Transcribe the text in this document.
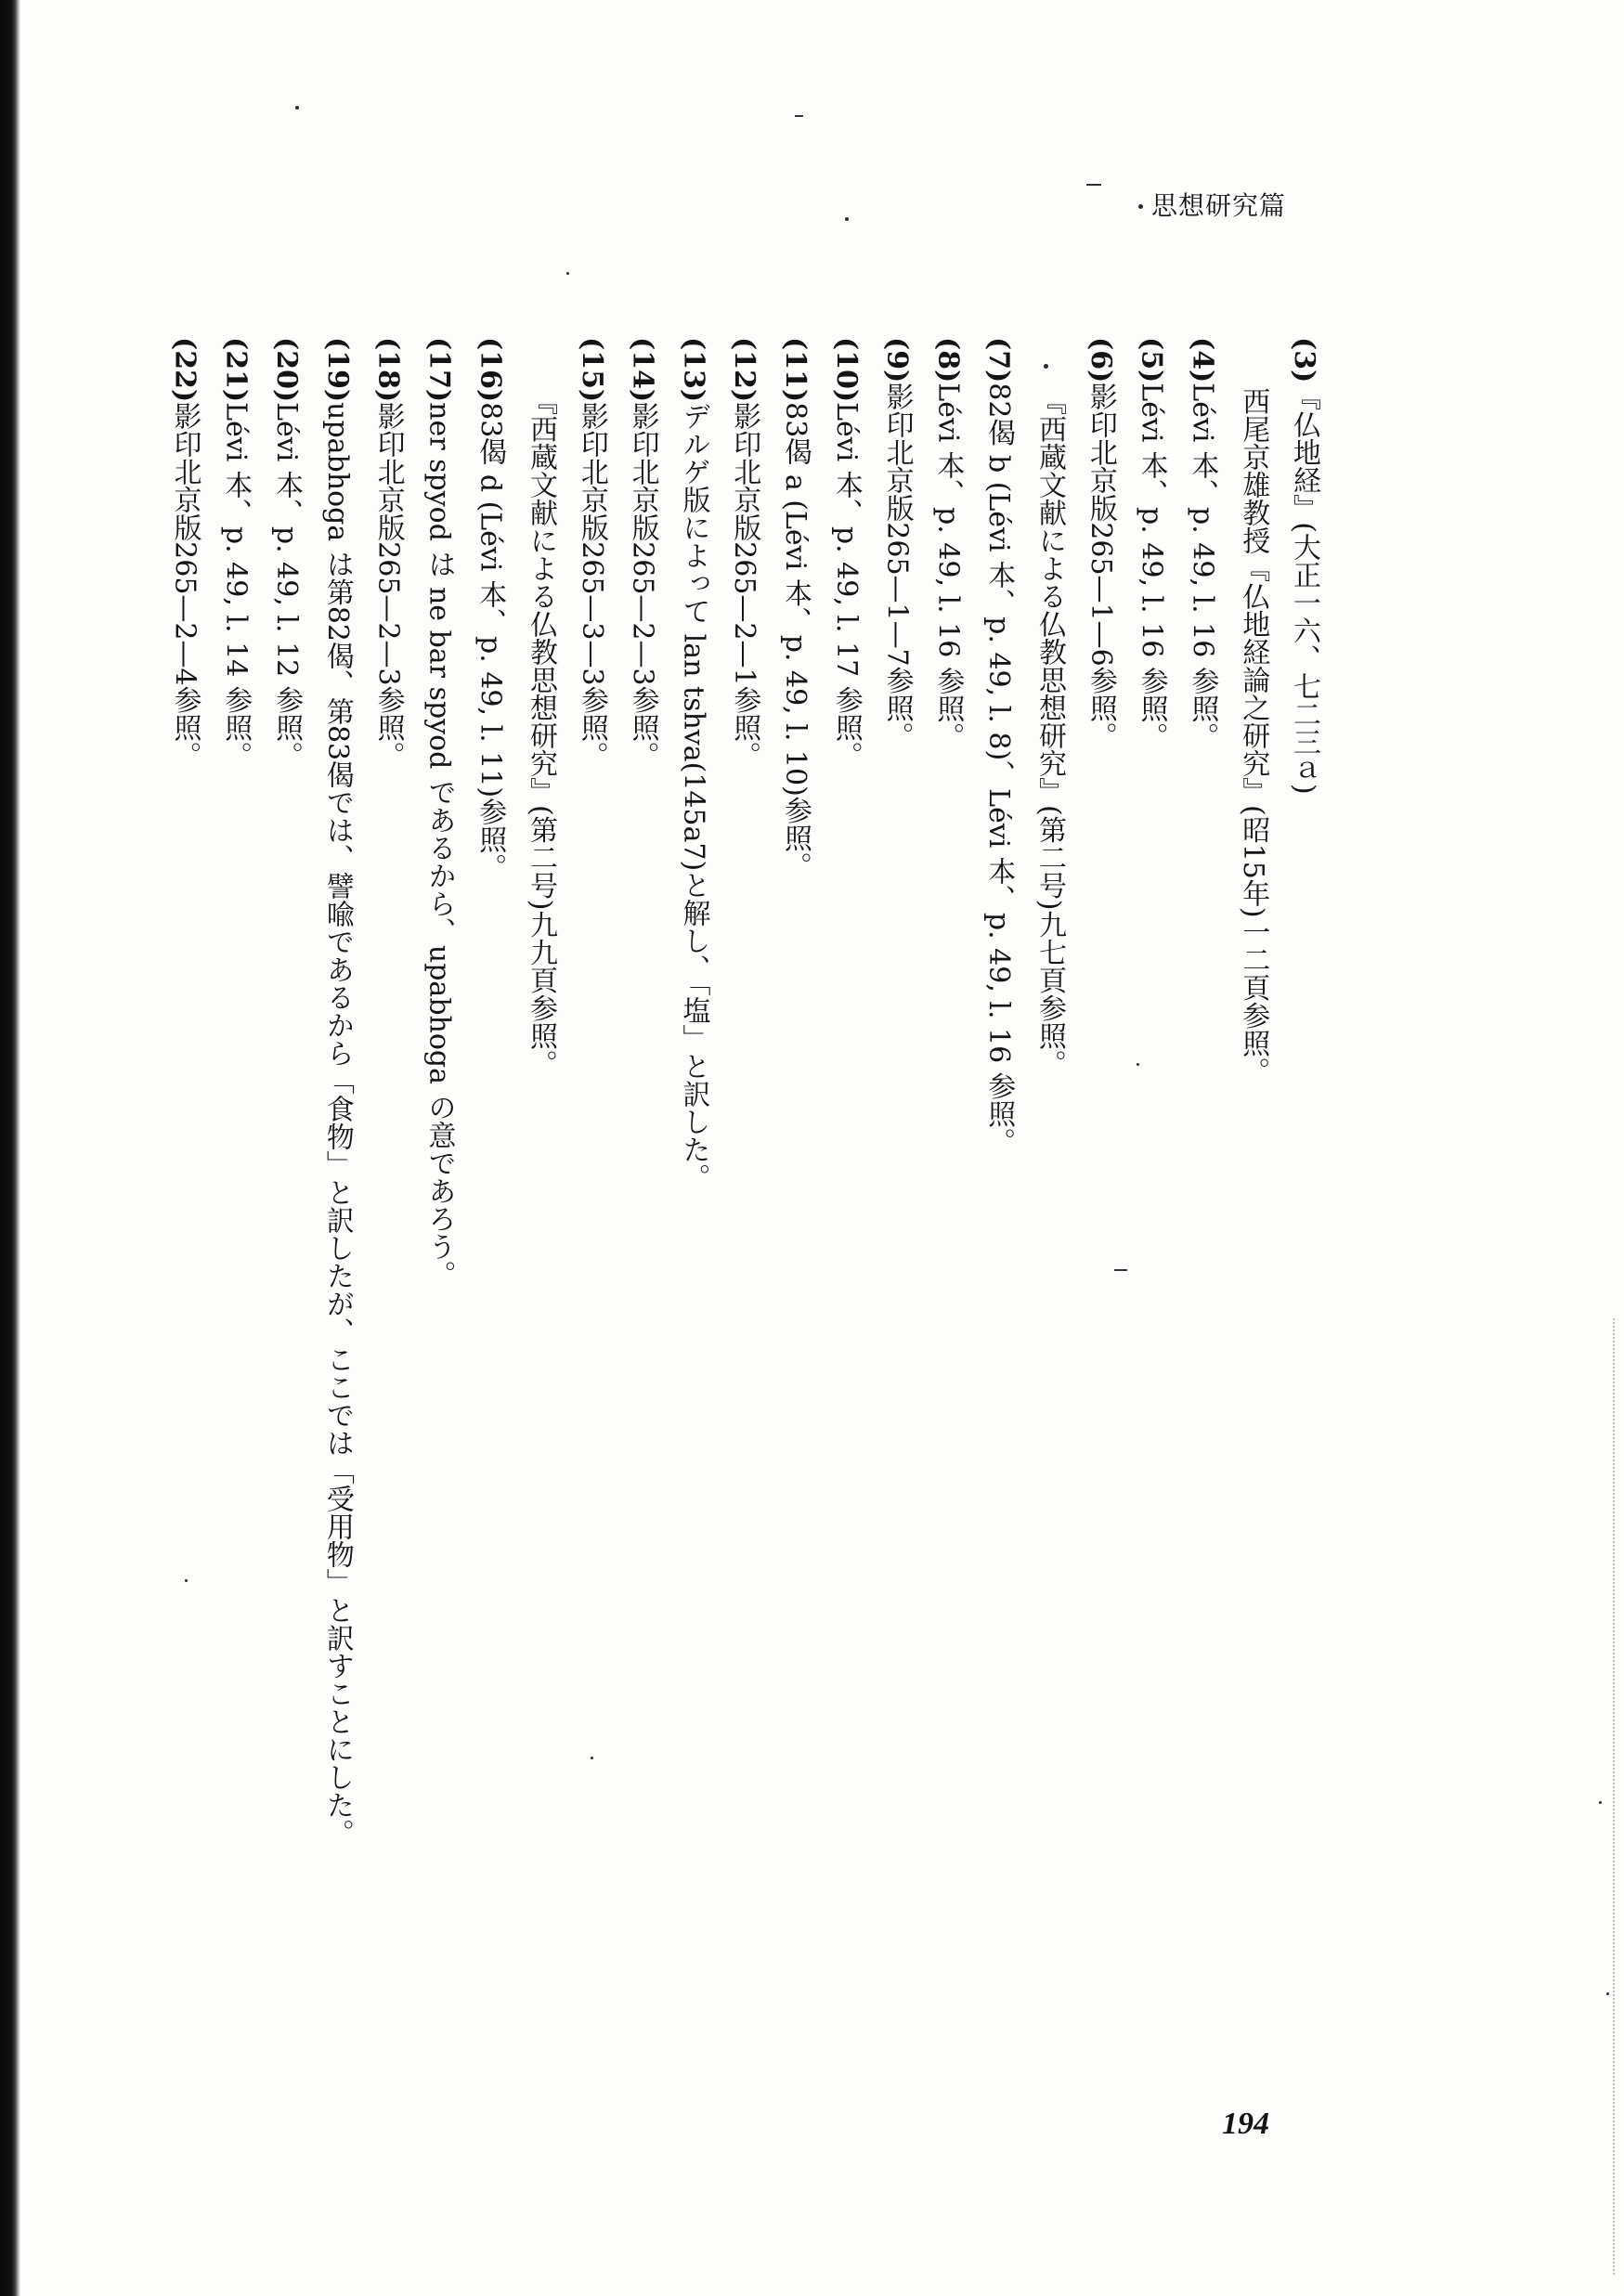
思想研究篇
(3)『仏地経』(大正一六、七二三ａ)
西尾京雄教授『仏地経論之研究』(昭15年)一二頁参照。
(4)Lévi 本、p. 49, l. 16 参照。
(5)Lévi 本、p. 49, l. 16 参照。
(6)影印北京版265—1—6参照。
『西蔵文献による仏教思想研究』(第二号)九七頁参照。
(7)82偈 b (Lévi 本、p. 49, l. 8)、Lévi 本、p. 49, l. 16 参照。
(8)Lévi 本、p. 49, l. 16 参照。
(9)影印北京版265—1—7参照。
(10)Lévi 本、p. 49, l. 17 参照。
(11)83偈 a (Lévi 本、p. 49, l. 10)参照。
(12)影印北京版265—2—1参照。
(13)デルゲ版によって lan tshva(145a7)と解し、「塩」と訳した。
(14)影印北京版265—2—3参照。
(15)影印北京版265—3—3参照。
『西蔵文献による仏教思想研究』(第二号)九九頁参照。
(16)83偈 d (Lévi 本、p. 49, l. 11)参照。
(17)ner spyod は ne bar spyod であるから、upabhoga の意であろう。
(18)影印北京版265—2—3参照。
(19)upabhoga は第82偈、第83偈では、譬喩であるから「食物」と訳したが、ここでは「受用物」と訳すことにした。
(20)Lévi 本、p. 49, l. 12 参照。
(21)Lévi 本、p. 49, l. 14 参照。
(22)影印北京版265—2—4参照。
194
